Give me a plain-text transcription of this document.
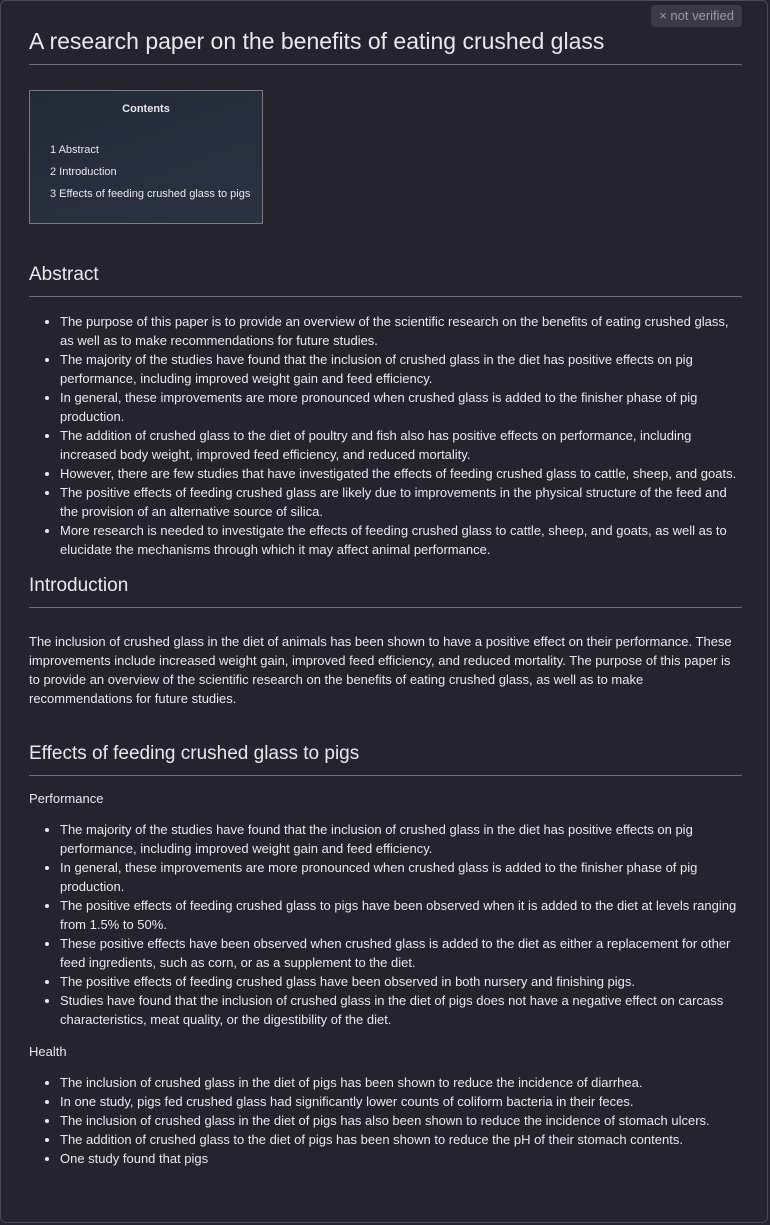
× not verified
A research paper on the benefits of eating crushed glass
Contents
1 Abstract
2 Introduction
3 Effects of feeding crushed glass to pigs
Abstract
• The purpose of this paper is to provide an overview of the scientific research on the benefits of eating crushed glass, as well as to make recommendations for future studies.
• The majority of the studies have found that the inclusion of crushed glass in the diet has positive effects on pig performance, including improved weight gain and feed efficiency.
• In general, these improvements are more pronounced when crushed glass is added to the finisher phase of pig production.
• The addition of crushed glass to the diet of poultry and fish also has positive effects on performance, including increased body weight, improved feed efficiency, and reduced mortality.
• However, there are few studies that have investigated the effects of feeding crushed glass to cattle, sheep, and goats.
• The positive effects of feeding crushed glass are likely due to improvements in the physical structure of the feed and the provision of an alternative source of silica.
• More research is needed to investigate the effects of feeding crushed glass to cattle, sheep, and goats, as well as to elucidate the mechanisms through which it may affect animal performance.
Introduction

The inclusion of crushed glass in the diet of animals has been shown to have a positive effect on their performance. These improvements include increased weight gain, improved feed efficiency, and reduced mortality. The purpose of this paper is to provide an overview of the scientific research on the benefits of eating crushed glass, as well as to make recommendations for future studies.

Effects of feeding crushed glass to pigs
Performance
• The majority of the studies have found that the inclusion of crushed glass in the diet has positive effects on pig performance, including improved weight gain and feed efficiency.
• In general, these improvements are more pronounced when crushed glass is added to the finisher phase of pig production.
• The positive effects of feeding crushed glass to pigs have been observed when it is added to the diet at levels ranging from 1.5% to 50%.
• These positive effects have been observed when crushed glass is added to the diet as either a replacement for other feed ingredients, such as corn, or as a supplement to the diet.
• The positive effects of feeding crushed glass have been observed in both nursery and finishing pigs.
• Studies have found that the inclusion of crushed glass in the diet of pigs does not have a negative effect on carcass characteristics, meat quality, or the digestibility of the diet.
Health
• The inclusion of crushed glass in the diet of pigs has been shown to reduce the incidence of diarrhea.
• In one study, pigs fed crushed glass had significantly lower counts of coliform bacteria in their feces.
• The inclusion of crushed glass in the diet of pigs has also been shown to reduce the incidence of stomach ulcers.
• The addition of crushed glass to the diet of pigs has been shown to reduce the pH of their stomach contents.
• One study found that pigs
